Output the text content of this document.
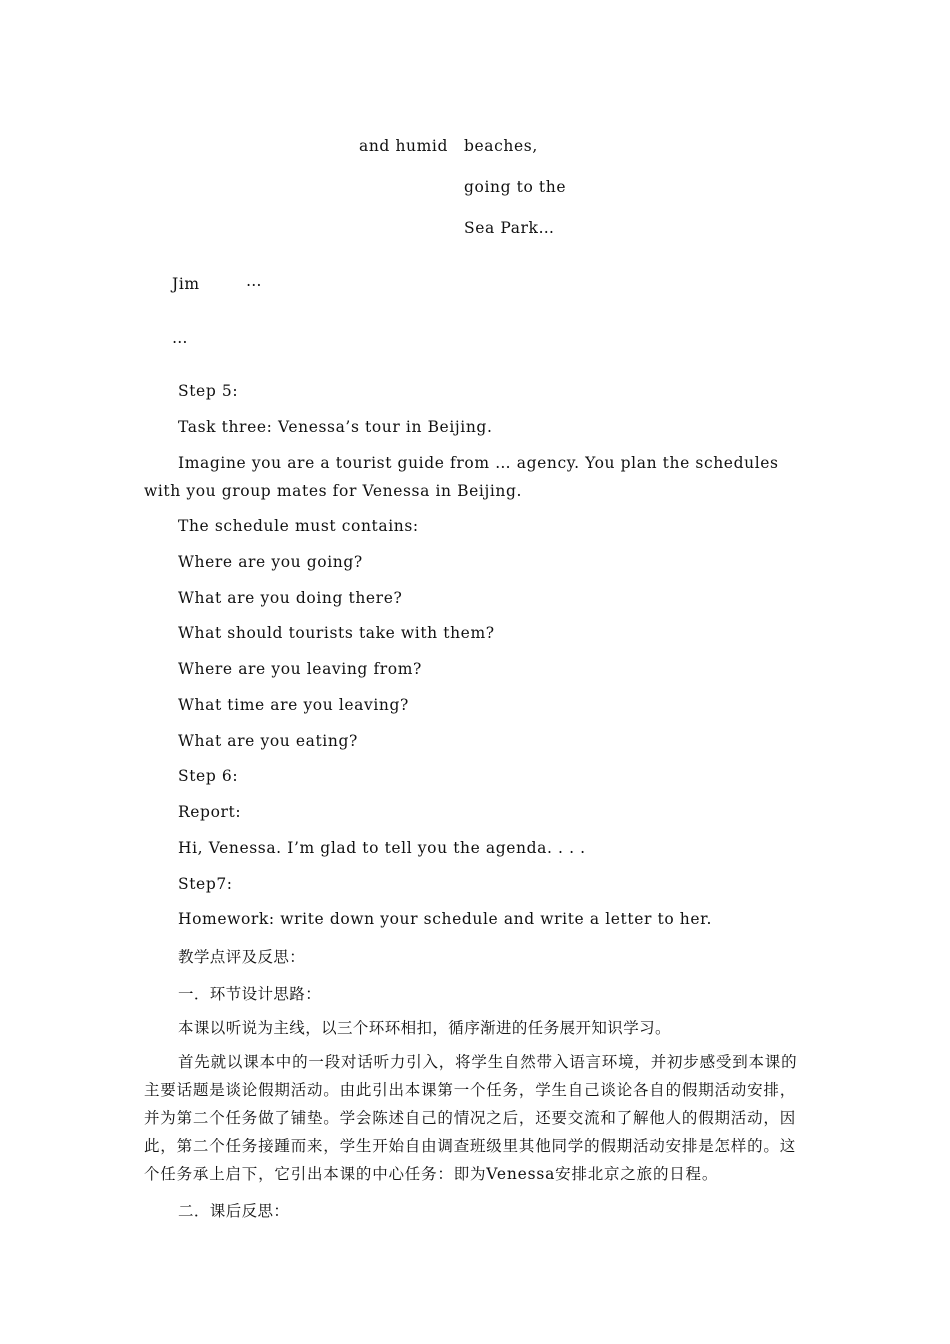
and humid beaches,
going to the
Sea Park…
Jim	…
…
Step 5:
Task three: Venessa’s tour in Beijing.
Imagine you are a tourist guide from … agency. You plan the schedules with you group mates for Venessa in Beijing.
The schedule must contains:
Where are you going?
What are you doing there?
What should tourists take with them?
Where are you leaving from?
What time are you leaving?
What are you eating?
Step 6:
Report:
Hi, Venessa. I’m glad to tell you the agenda. . . .
Step7:
Homework: write down your schedule and write a letter to her.
教学点评及反思：
一．环节设计思路：
本课以听说为主线，以三个环环相扣，循序渐进的任务展开知识学习。
首先就以课本中的一段对话听力引入，将学生自然带入语言环境，并初步感受到本课的主要话题是谈论假期活动。由此引出本课第一个任务，学生自己谈论各自的假期活动安排，并为第二个任务做了铺垫。学会陈述自己的情况之后，还要交流和了解他人的假期活动，因此，第二个任务接踵而来，学生开始自由调查班级里其他同学的假期活动安排是怎样的。这个任务承上启下，它引出本课的中心任务：即为Venessa安排北京之旅的日程。
二．课后反思：
